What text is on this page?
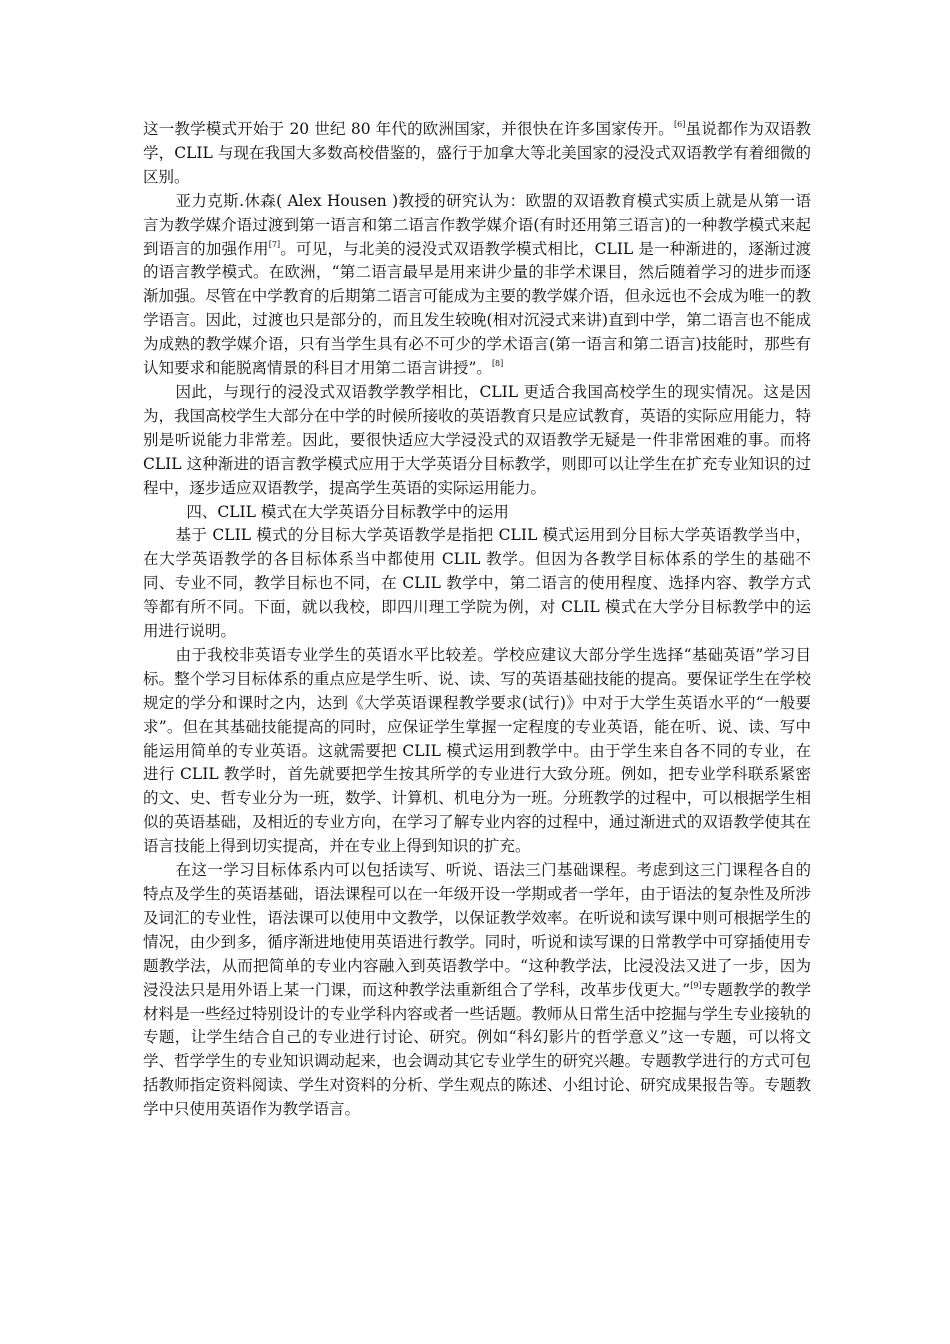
这一教学模式开始于 20 世纪 80 年代的欧洲国家，并很快在许多国家传开。[6]虽说都作为双语教学，CLIL 与现在我国大多数高校借鉴的，盛行于加拿大等北美国家的浸没式双语教学有着细微的区别。

亚力克斯.休森( Alex Housen )教授的研究认为：欧盟的双语教育模式实质上就是从第一语言为教学媒介语过渡到第一语言和第二语言作教学媒介语(有时还用第三语言)的一种教学模式来起到语言的加强作用[7]。可见，与北美的浸没式双语教学模式相比，CLIL 是一种渐进的，逐渐过渡的语言教学模式。在欧洲，“第二语言最早是用来讲少量的非学术课目，然后随着学习的进步而逐渐加强。尽管在中学教育的后期第二语言可能成为主要的教学媒介语，但永远也不会成为唯一的教学语言。因此，过渡也只是部分的，而且发生较晚(相对沉浸式来讲)直到中学，第二语言也不能成为成熟的教学媒介语，只有当学生具有必不可少的学术语言(第一语言和第二语言)技能时，那些有认知要求和能脱离情景的科目才用第二语言讲授”。[8]

因此，与现行的浸没式双语教学教学相比，CLIL 更适合我国高校学生的现实情况。这是因为，我国高校学生大部分在中学的时候所接收的英语教育只是应试教育，英语的实际应用能力，特别是听说能力非常差。因此，要很快适应大学浸没式的双语教学无疑是一件非常困难的事。而将 CLIL 这种渐进的语言教学模式应用于大学英语分目标教学，则即可以让学生在扩充专业知识的过程中，逐步适应双语教学，提高学生英语的实际运用能力。

四、CLIL 模式在大学英语分目标教学中的运用

基于 CLIL 模式的分目标大学英语教学是指把 CLIL 模式运用到分目标大学英语教学当中，在大学英语教学的各目标体系当中都使用 CLIL 教学。但因为各教学目标体系的学生的基础不同、专业不同，教学目标也不同，在 CLIL 教学中，第二语言的使用程度、选择内容、教学方式等都有所不同。下面，就以我校，即四川理工学院为例，对 CLIL 模式在大学分目标教学中的运用进行说明。

由于我校非英语专业学生的英语水平比较差。学校应建议大部分学生选择“基础英语”学习目标。整个学习目标体系的重点应是学生听、说、读、写的英语基础技能的提高。要保证学生在学校规定的学分和课时之内，达到《大学英语课程教学要求(试行)》中对于大学生英语水平的“一般要求”。但在其基础技能提高的同时，应保证学生掌握一定程度的专业英语，能在听、说、读、写中能运用简单的专业英语。这就需要把 CLIL 模式运用到教学中。由于学生来自各不同的专业，在进行 CLIL 教学时，首先就要把学生按其所学的专业进行大致分班。例如，把专业学科联系紧密的文、史、哲专业分为一班，数学、计算机、机电分为一班。分班教学的过程中，可以根据学生相似的英语基础，及相近的专业方向，在学习了解专业内容的过程中，通过渐进式的双语教学使其在语言技能上得到切实提高，并在专业上得到知识的扩充。

在这一学习目标体系内可以包括读写、听说、语法三门基础课程。考虑到这三门课程各自的特点及学生的英语基础，语法课程可以在一年级开设一学期或者一学年，由于语法的复杂性及所涉及词汇的专业性，语法课可以使用中文教学，以保证教学效率。在听说和读写课中则可根据学生的情况，由少到多，循序渐进地使用英语进行教学。同时，听说和读写课的日常教学中可穿插使用专题教学法，从而把简单的专业内容融入到英语教学中。“这种教学法，比浸没法又进了一步，因为浸没法只是用外语上某一门课，而这种教学法重新组合了学科，改革步伐更大。”[9]专题教学的教学材料是一些经过特别设计的专业学科内容或者一些话题。教师从日常生活中挖掘与学生专业接轨的专题，让学生结合自己的专业进行讨论、研究。例如“科幻影片的哲学意义”这一专题，可以将文学、哲学学生的专业知识调动起来，也会调动其它专业学生的研究兴趣。专题教学进行的方式可包括教师指定资料阅读、学生对资料的分析、学生观点的陈述、小组讨论、研究成果报告等。专题教学中只使用英语作为教学语言。
